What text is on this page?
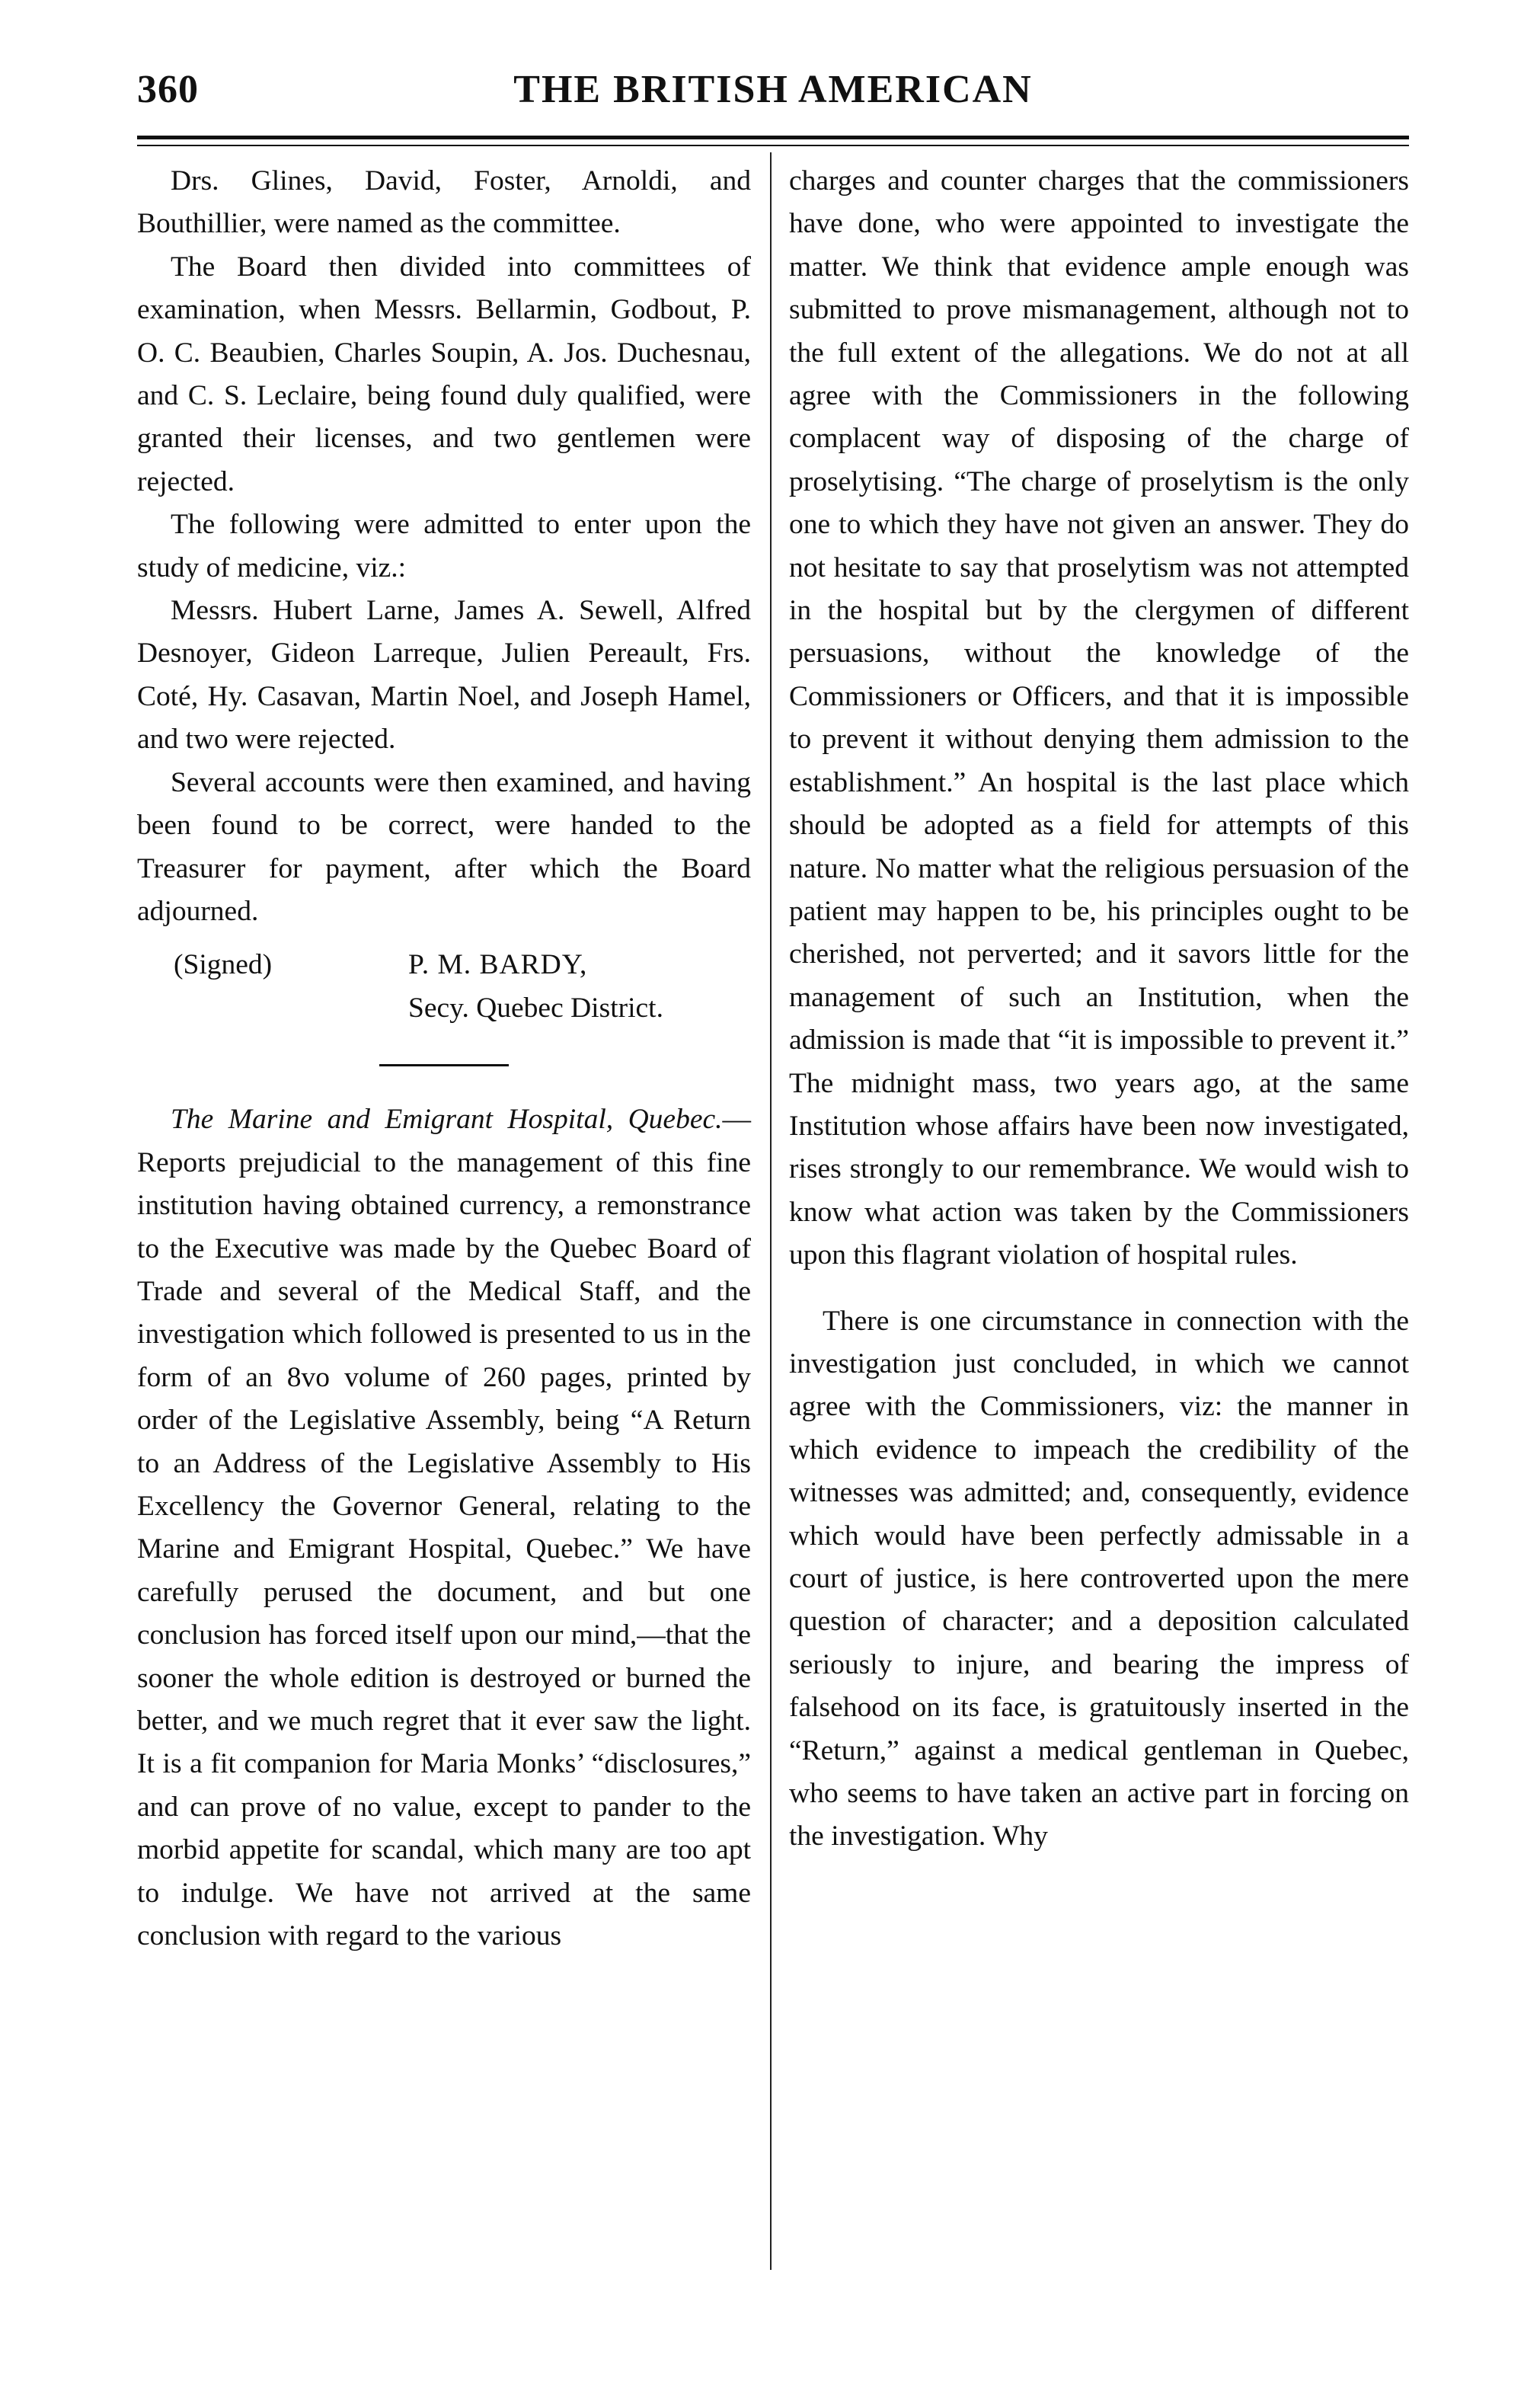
360	THE BRITISH AMERICAN

Drs. Glines, David, Foster, Arnoldi, and Bouthillier, were named as the committee.

The Board then divided into committees of examination, when Messrs. Bellarmin, Godbout, P. O. C. Beaubien, Charles Soupin, A. Jos. Duchesnau, and C. S. Leclaire, being found duly qualified, were granted their licenses, and two gentlemen were rejected.

The following were admitted to enter upon the study of medicine, viz.:

Messrs. Hubert Larne, James A. Sewell, Alfred Desnoyer, Gideon Larreque, Julien Pereault, Frs. Coté, Hy. Casavan, Martin Noel, and Joseph Hamel, and two were rejected.

Several accounts were then examined, and having been found to be correct, were handed to the Treasurer for payment, after which the Board adjourned.

(Signed)	P. M. BARDY,
Secy. Quebec District.

The Marine and Emigrant Hospital, Quebec.—Reports prejudicial to the management of this fine institution having obtained currency, a remonstrance to the Executive was made by the Quebec Board of Trade and several of the Medical Staff, and the investigation which followed is presented to us in the form of an 8vo volume of 260 pages, printed by order of the Legislative Assembly, being “A Return to an Address of the Legislative Assembly to His Excellency the Governor General, relating to the Marine and Emigrant Hospital, Quebec.” We have carefully perused the document, and but one conclusion has forced itself upon our mind,—that the sooner the whole edition is destroyed or burned the better, and we much regret that it ever saw the light. It is a fit companion for Maria Monks’ “disclosures,” and can prove of no value, except to pander to the morbid appetite for scandal, which many are too apt to indulge. We have not arrived at the same conclusion with regard to the various

charges and counter charges that the commissioners have done, who were appointed to investigate the matter. We think that evidence ample enough was submitted to prove mismanagement, although not to the full extent of the allegations. We do not at all agree with the Commissioners in the following complacent way of disposing of the charge of proselytising. “The charge of proselytism is the only one to which they have not given an answer. They do not hesitate to say that proselytism was not attempted in the hospital but by the clergymen of different persuasions, without the knowledge of the Commissioners or Officers, and that it is impossible to prevent it without denying them admission to the establishment.” An hospital is the last place which should be adopted as a field for attempts of this nature. No matter what the religious persuasion of the patient may happen to be, his principles ought to be cherished, not perverted; and it savors little for the management of such an Institution, when the admission is made that “it is impossible to prevent it.” The midnight mass, two years ago, at the same Institution whose affairs have been now investigated, rises strongly to our remembrance. We would wish to know what action was taken by the Commissioners upon this flagrant violation of hospital rules.

There is one circumstance in connection with the investigation just concluded, in which we cannot agree with the Commissioners, viz: the manner in which evidence to impeach the credibility of the witnesses was admitted; and, consequently, evidence which would have been perfectly admissable in a court of justice, is here controverted upon the mere question of character; and a deposition calculated seriously to injure, and bearing the impress of falsehood on its face, is gratuitously inserted in the “Return,” against a medical gentleman in Quebec, who seems to have taken an active part in forcing on the investigation. Why
